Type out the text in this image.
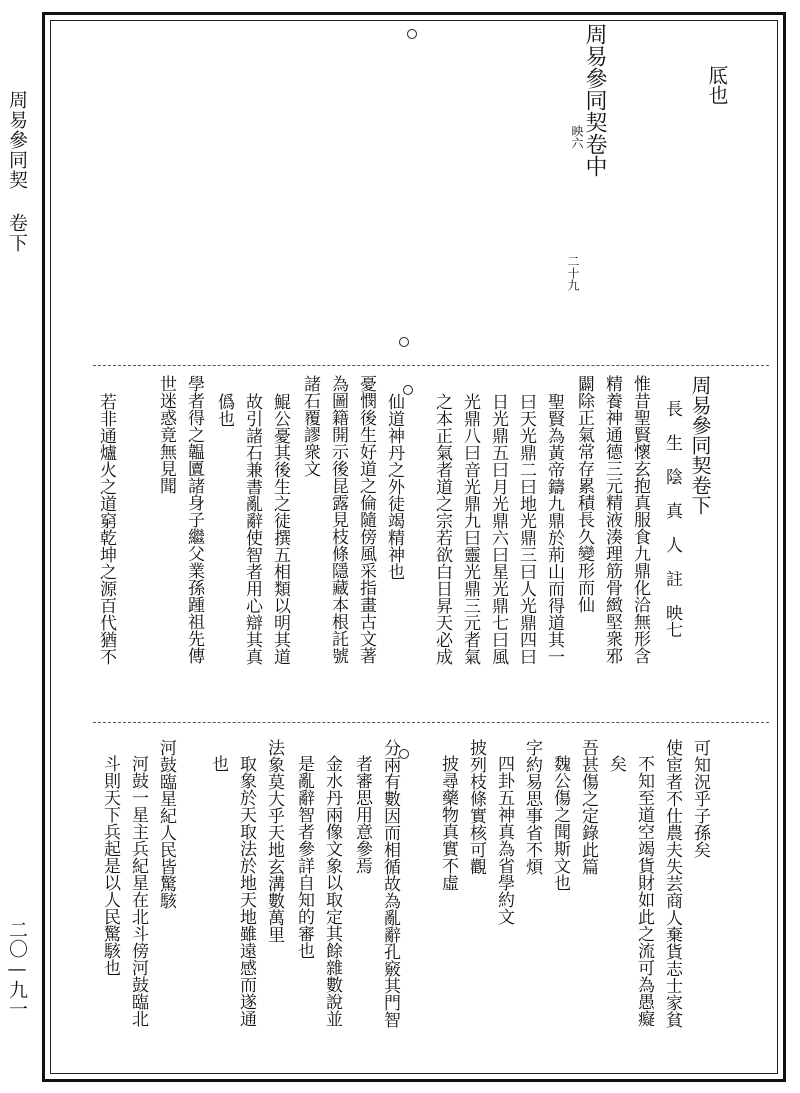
周易參同契 卷下
二〇—九一
厎也
周易參同契卷中
映六
二十九
周易參同契卷下
長　生　陰　真　人　註　映七
惟昔聖賢懷玄抱真服食九鼎化洽無形含
精養神通德三元精液湊理筋骨緻堅衆邪
闢除正氣常存累積長久變形而仙
聖賢為黃帝鑄九鼎於荊山而得道其一
曰天光鼎二曰地光鼎三曰人光鼎四曰
日光鼎五曰月光鼎六曰星光鼎七曰風
光鼎八曰音光鼎九曰靈光鼎三元者氣
之本正氣者道之宗若欲白日昇天必成
仙道神丹之外徒竭精神也
憂憫後生好道之倫隨傍風采指畫古文著
為圖籍開示後昆露見枝條隱藏本根託號
諸石覆謬衆文
鯤公憂其後生之徒撰五相類以明其道
故引諸石兼書亂辭使智者用心辯其真
僞也
學者得之韞匵諸身子繼父業孫踵祖先傳
世迷惑竟無見聞
若非通爐火之道窮乾坤之源百代猶不
可知況乎子孫矣
使宦者不仕農夫失芸商人棄貨志士家貧
不知至道空竭貨財如此之流可為愚癡
矣
吾甚傷之定錄此篇
魏公傷之聞斯文也
字約易思事省不煩
四卦五神真為省學約文
披列枝條實核可觀
披尋藥物真實不虛
分兩有數因而相循故為亂辭孔竅其門智
者審思用意參焉
金水丹兩像文象以取定其餘雜數說並
是亂辭智者參詳自知的審也
法象莫大乎天地玄溝數萬里
取象於天取法於地天地雖遠感而遂通
也
河鼓臨星紀人民皆驚駭
河鼓一星主兵紀星在北斗傍河鼓臨北
斗則天下兵起是以人民驚駭也
